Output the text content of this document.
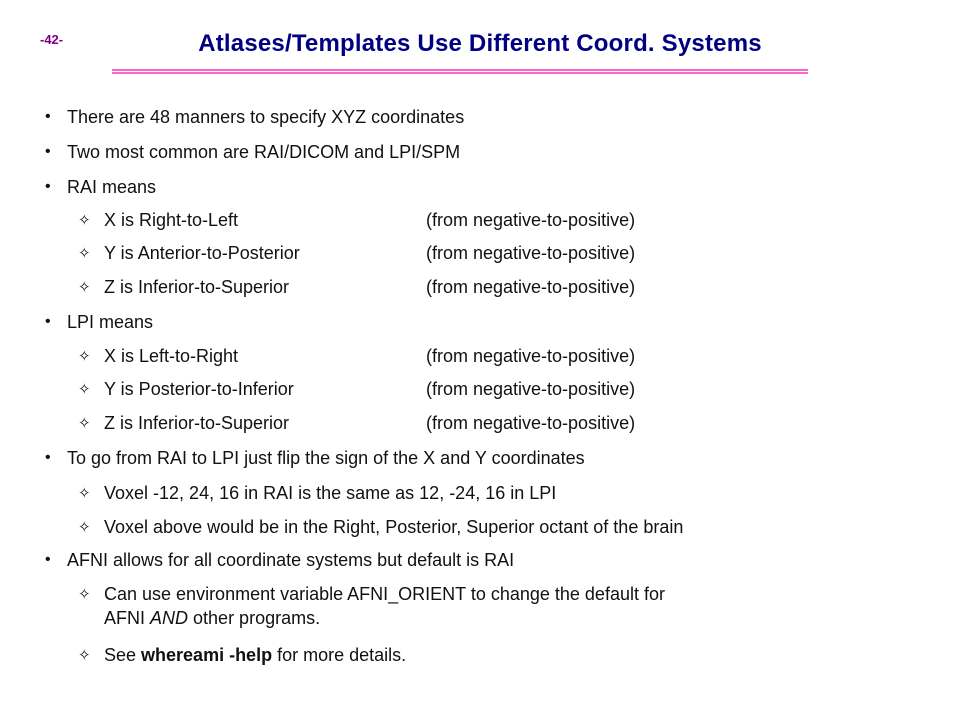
-42-	Atlases/Templates Use Different Coord. Systems
• There are 48 manners to specify XYZ coordinates
• Two most common are RAI/DICOM and LPI/SPM
• RAI means
✧ X is Right-to-Left	(from negative-to-positive)
✧ Y is Anterior-to-Posterior	(from negative-to-positive)
✧ Z is Inferior-to-Superior	(from negative-to-positive)
• LPI means
✧ X is Left-to-Right	(from negative-to-positive)
✧ Y is Posterior-to-Inferior	(from negative-to-positive)
✧ Z is Inferior-to-Superior	(from negative-to-positive)
• To go from RAI to LPI just flip the sign of the X and Y coordinates
✧ Voxel -12, 24, 16 in RAI is the same as 12, -24, 16 in LPI
✧ Voxel above would be in the Right, Posterior, Superior octant of the brain
• AFNI allows for all coordinate systems but default is RAI
✧ Can use environment variable AFNI_ORIENT to change the default for
AFNI AND other programs.
✧ See whereami -help for more details.
